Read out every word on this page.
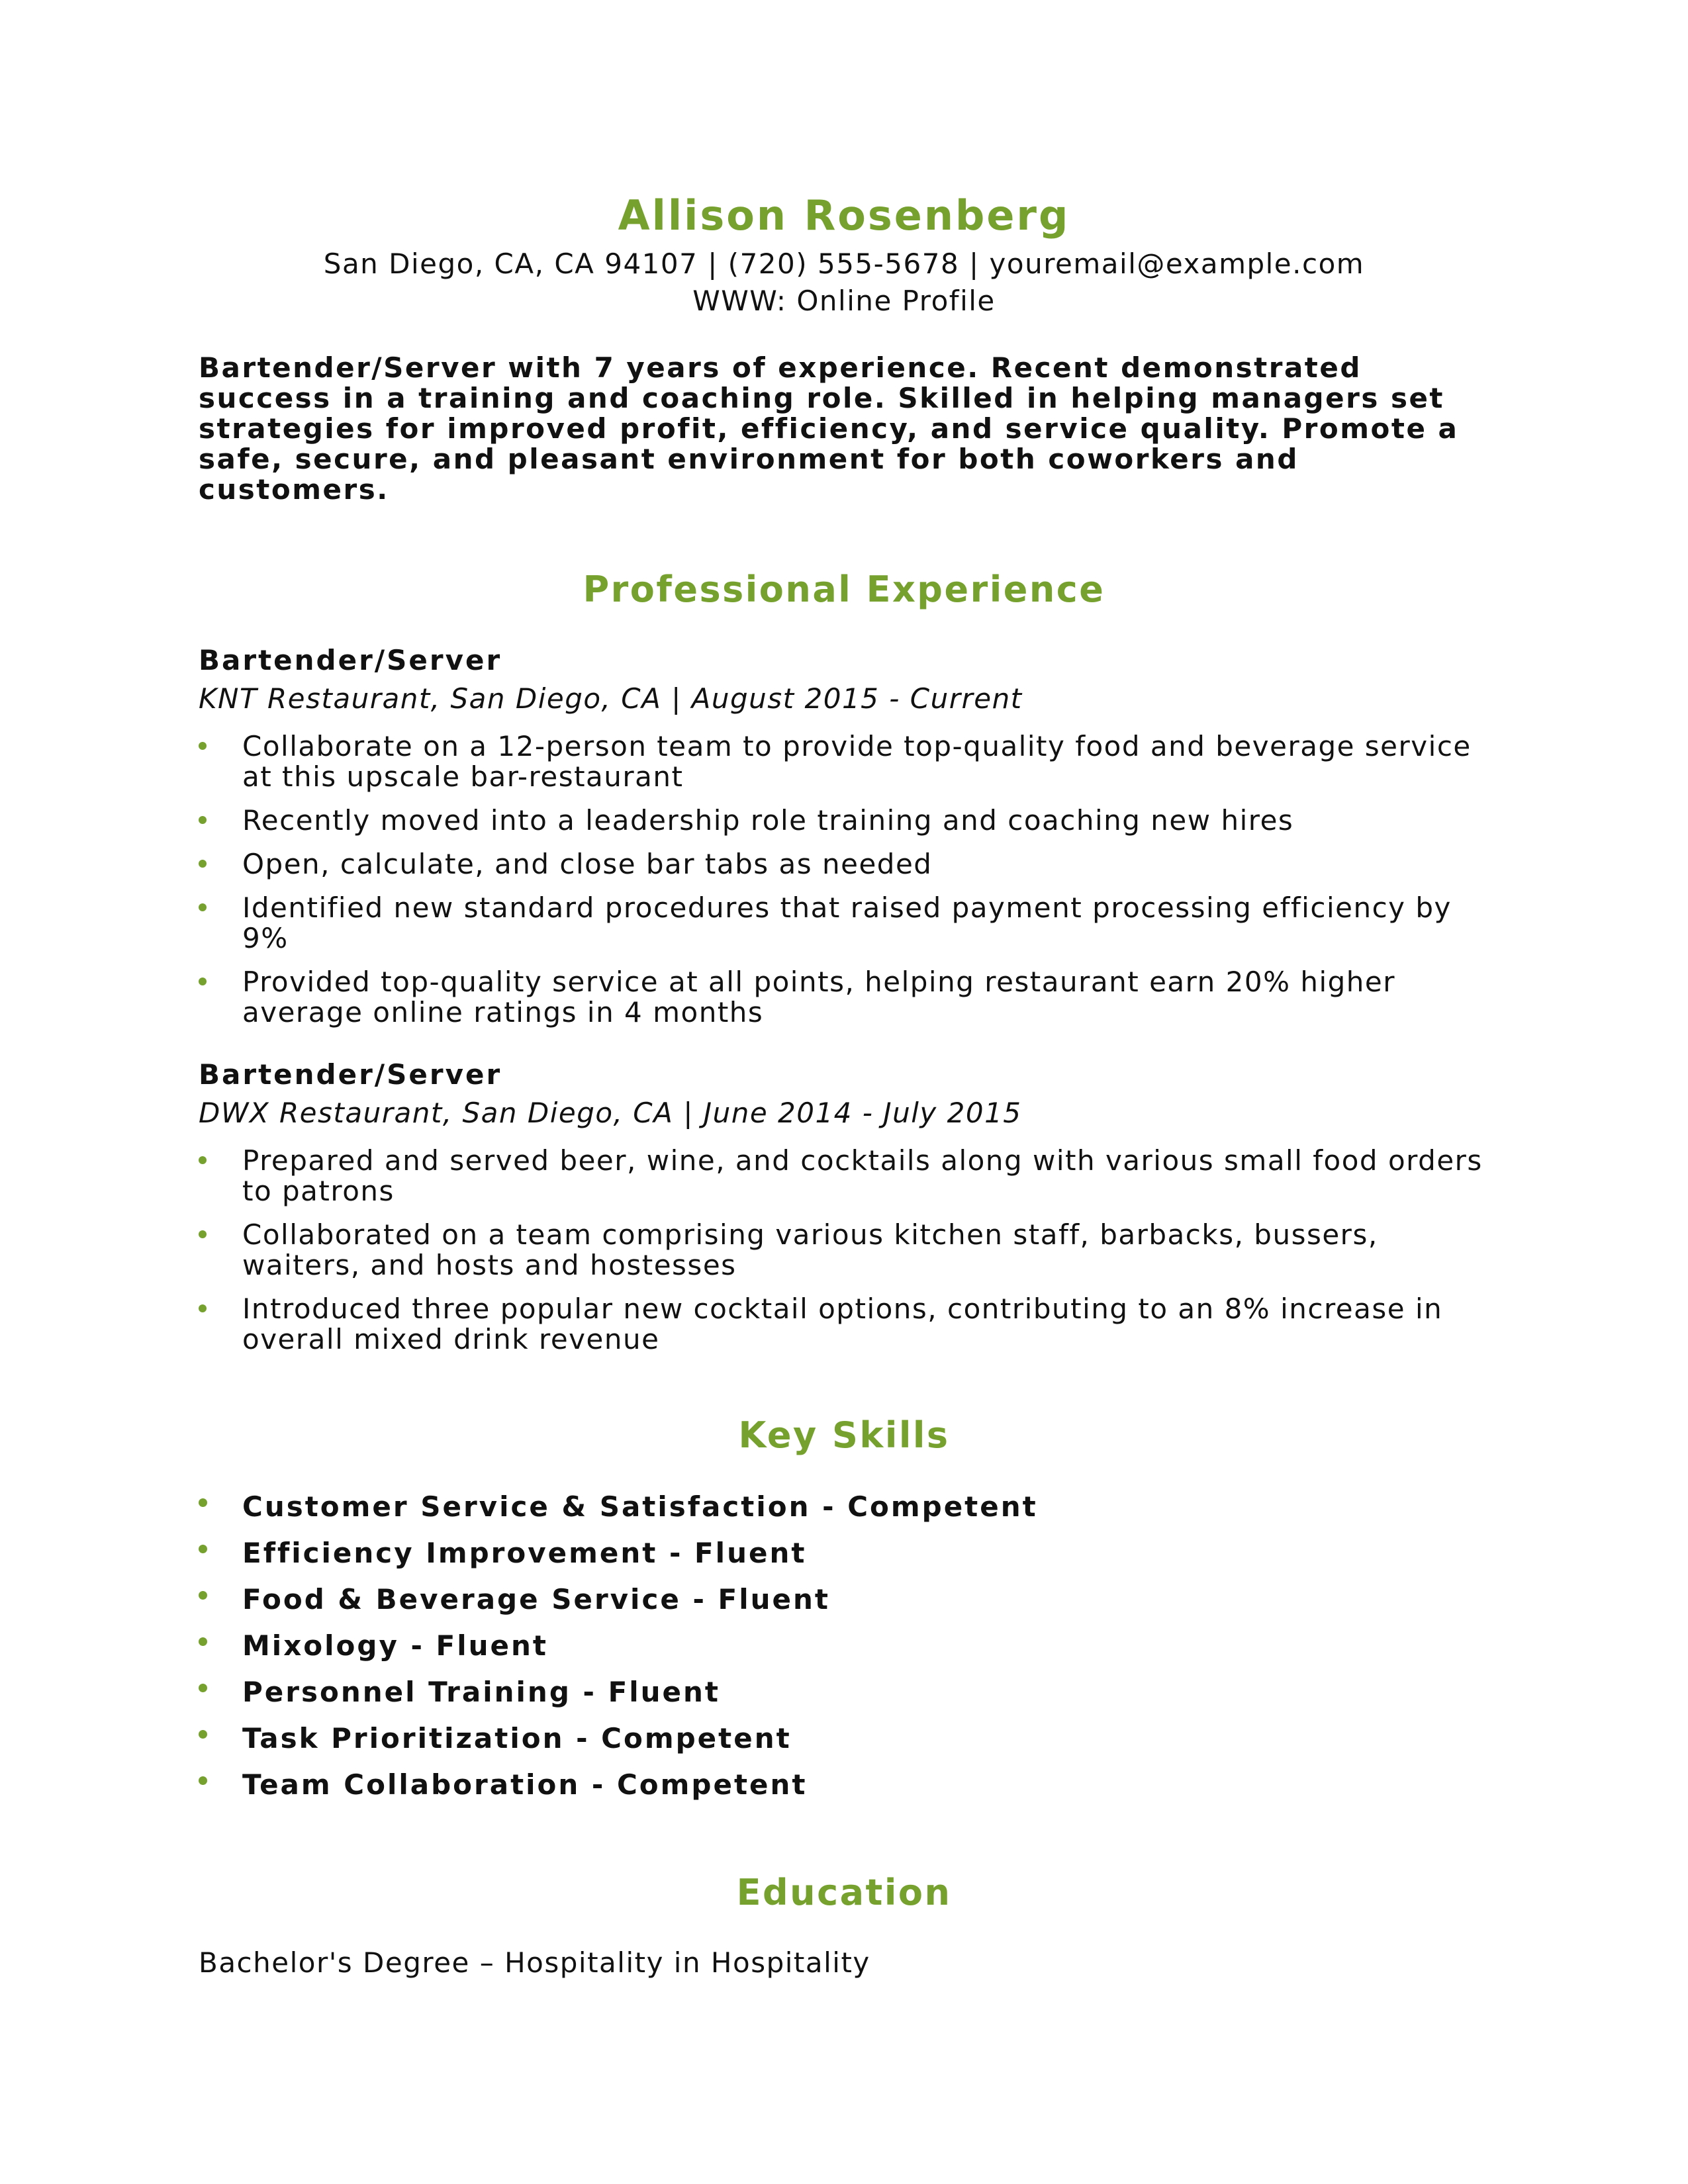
Allison Rosenberg

San Diego, CA, CA 94107 | (720) 555-5678 | youremail@example.com

WWW: Online Profile

Bartender/Server with 7 years of experience. Recent demonstrated success in a training and coaching role. Skilled in helping managers set strategies for improved profit, efficiency, and service quality. Promote a safe, secure, and pleasant environment for both coworkers and customers.
Professional Experience

Bartender/Server

KNT Restaurant, San Diego, CA | August 2015 - Current

Collaborate on a 12-person team to provide top-quality food and beverage service at this upscale bar-restaurant
Recently moved into a leadership role training and coaching new hires
Open, calculate, and close bar tabs as needed
Identified new standard procedures that raised payment processing efficiency by 9%
Provided top-quality service at all points, helping restaurant earn 20% higher average online ratings in 4 months

Bartender/Server

DWX Restaurant, San Diego, CA | June 2014 - July 2015

Prepared and served beer, wine, and cocktails along with various small food orders to patrons
Collaborated on a team comprising various kitchen staff, barbacks, bussers, waiters, and hosts and hostesses
Introduced three popular new cocktail options, contributing to an 8% increase in overall mixed drink revenue
Key Skills
Customer Service & Satisfaction - Competent
Efficiency Improvement - Fluent
Food & Beverage Service - Fluent
Mixology - Fluent
Personnel Training - Fluent
Task Prioritization - Competent
Team Collaboration - Competent
Education

Bachelor's Degree – Hospitality in Hospitality
